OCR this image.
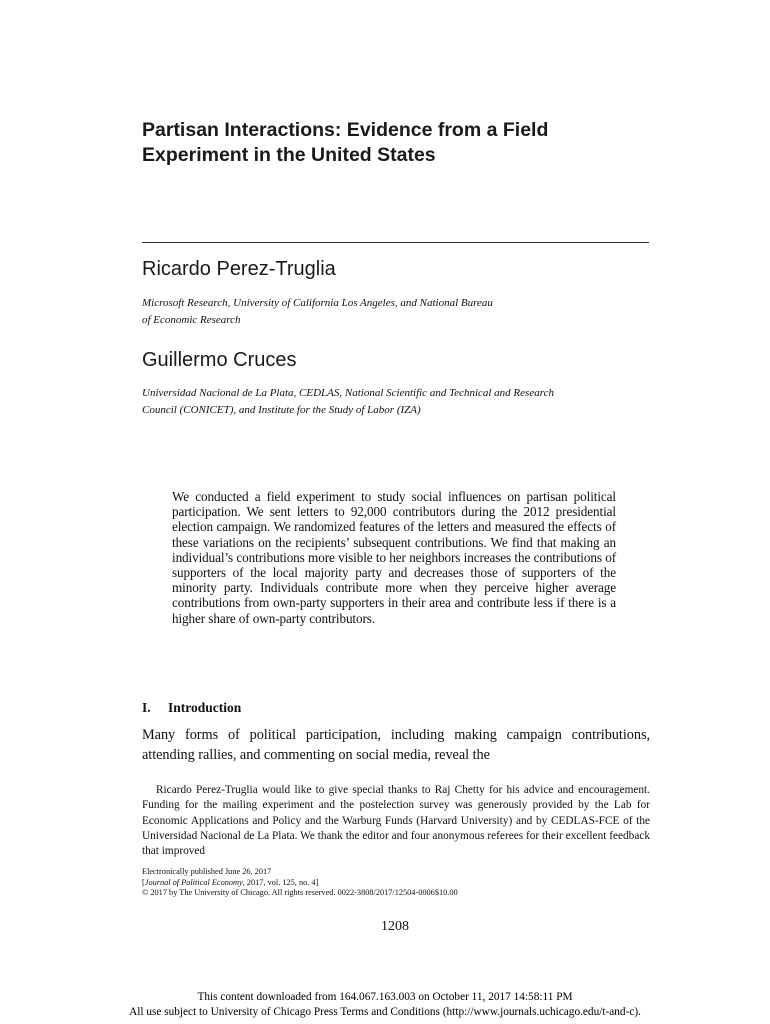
Partisan Interactions: Evidence from a Field
Experiment in the United States
Ricardo Perez-Truglia
Microsoft Research, University of California Los Angeles, and National Bureau
of Economic Research
Guillermo Cruces
Universidad Nacional de La Plata, CEDLAS, National Scientific and Technical and Research
Council (CONICET), and Institute for the Study of Labor (IZA)
We conducted a field experiment to study social influences on partisan political participation. We sent letters to 92,000 contributors during the 2012 presidential election campaign. We randomized features of the letters and measured the effects of these variations on the recipients’ subsequent contributions. We find that making an individual’s contributions more visible to her neighbors increases the contributions of supporters of the local majority party and decreases those of supporters of the minority party. Individuals contribute more when they perceive higher average contributions from own-party supporters in their area and contribute less if there is a higher share of own-party contributors.
I. Introduction
Many forms of political participation, including making campaign contributions, attending rallies, and commenting on social media, reveal the
Ricardo Perez-Truglia would like to give special thanks to Raj Chetty for his advice and encouragement. Funding for the mailing experiment and the postelection survey was generously provided by the Lab for Economic Applications and Policy and the Warburg Funds (Harvard University) and by CEDLAS-FCE of the Universidad Nacional de La Plata. We thank the editor and four anonymous referees for their excellent feedback that improved
Electronically published June 26, 2017
[Journal of Political Economy, 2017, vol. 125, no. 4]
© 2017 by The University of Chicago. All rights reserved. 0022-3808/2017/12504-0006$10.00
1208
This content downloaded from 164.067.163.003 on October 11, 2017 14:58:11 PM
All use subject to University of Chicago Press Terms and Conditions (http://www.journals.uchicago.edu/t-and-c).
